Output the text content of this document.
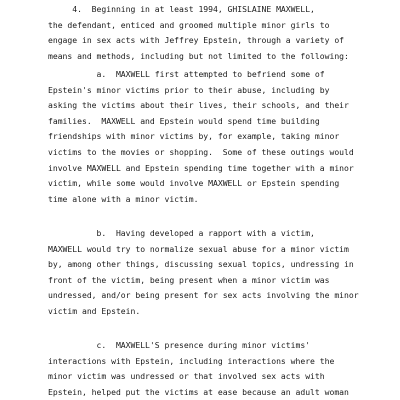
4.  Beginning in at least 1994, GHISLAINE MAXWELL,
the defendant, enticed and groomed multiple minor girls to
engage in sex acts with Jeffrey Epstein, through a variety of
means and methods, including but not limited to the following:
a.  MAXWELL first attempted to befriend some of
Epstein's minor victims prior to their abuse, including by
asking the victims about their lives, their schools, and their
families.  MAXWELL and Epstein would spend time building
friendships with minor victims by, for example, taking minor
victims to the movies or shopping.  Some of these outings would
involve MAXWELL and Epstein spending time together with a minor
victim, while some would involve MAXWELL or Epstein spending
time alone with a minor victim.
b.  Having developed a rapport with a victim,
MAXWELL would try to normalize sexual abuse for a minor victim
by, among other things, discussing sexual topics, undressing in
front of the victim, being present when a minor victim was
undressed, and/or being present for sex acts involving the minor
victim and Epstein.
c.  MAXWELL'S presence during minor victims'
interactions with Epstein, including interactions where the
minor victim was undressed or that involved sex acts with
Epstein, helped put the victims at ease because an adult woman
